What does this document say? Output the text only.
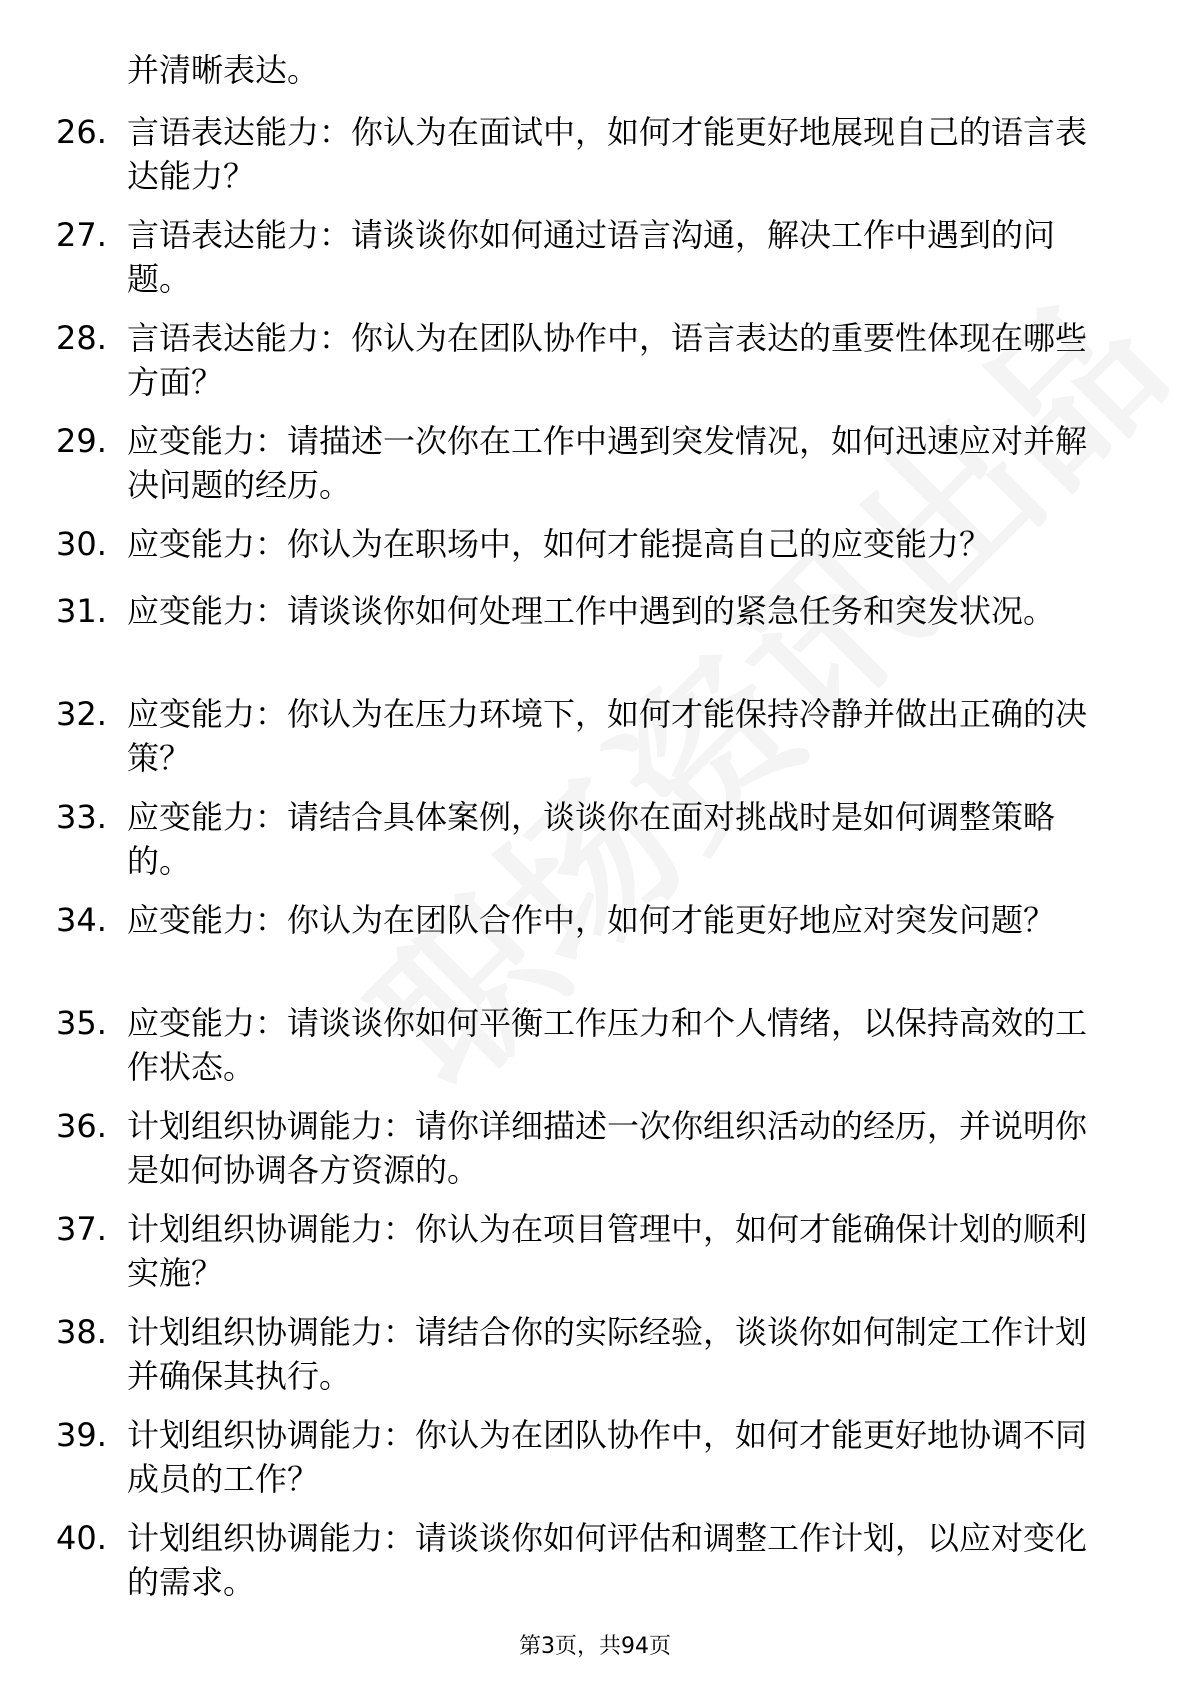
并清晰表达。
26. 言语表达能力：你认为在面试中，如何才能更好地展现自己的语言表达能力？
27. 言语表达能力：请谈谈你如何通过语言沟通，解决工作中遇到的问题。
28. 言语表达能力：你认为在团队协作中，语言表达的重要性体现在哪些方面？
29. 应变能力：请描述一次你在工作中遇到突发情况，如何迅速应对并解决问题的经历。
30. 应变能力：你认为在职场中，如何才能提高自己的应变能力？
31. 应变能力：请谈谈你如何处理工作中遇到的紧急任务和突发状况。
32. 应变能力：你认为在压力环境下，如何才能保持冷静并做出正确的决策？
33. 应变能力：请结合具体案例，谈谈你在面对挑战时是如何调整策略的。
34. 应变能力：你认为在团队合作中，如何才能更好地应对突发问题？
35. 应变能力：请谈谈你如何平衡工作压力和个人情绪，以保持高效的工作状态。
36. 计划组织协调能力：请你详细描述一次你组织活动的经历，并说明你是如何协调各方资源的。
37. 计划组织协调能力：你认为在项目管理中，如何才能确保计划的顺利实施？
38. 计划组织协调能力：请结合你的实际经验，谈谈你如何制定工作计划并确保其执行。
39. 计划组织协调能力：你认为在团队协作中，如何才能更好地协调不同成员的工作？
40. 计划组织协调能力：请谈谈你如何评估和调整工作计划，以应对变化的需求。
第3页，共94页
